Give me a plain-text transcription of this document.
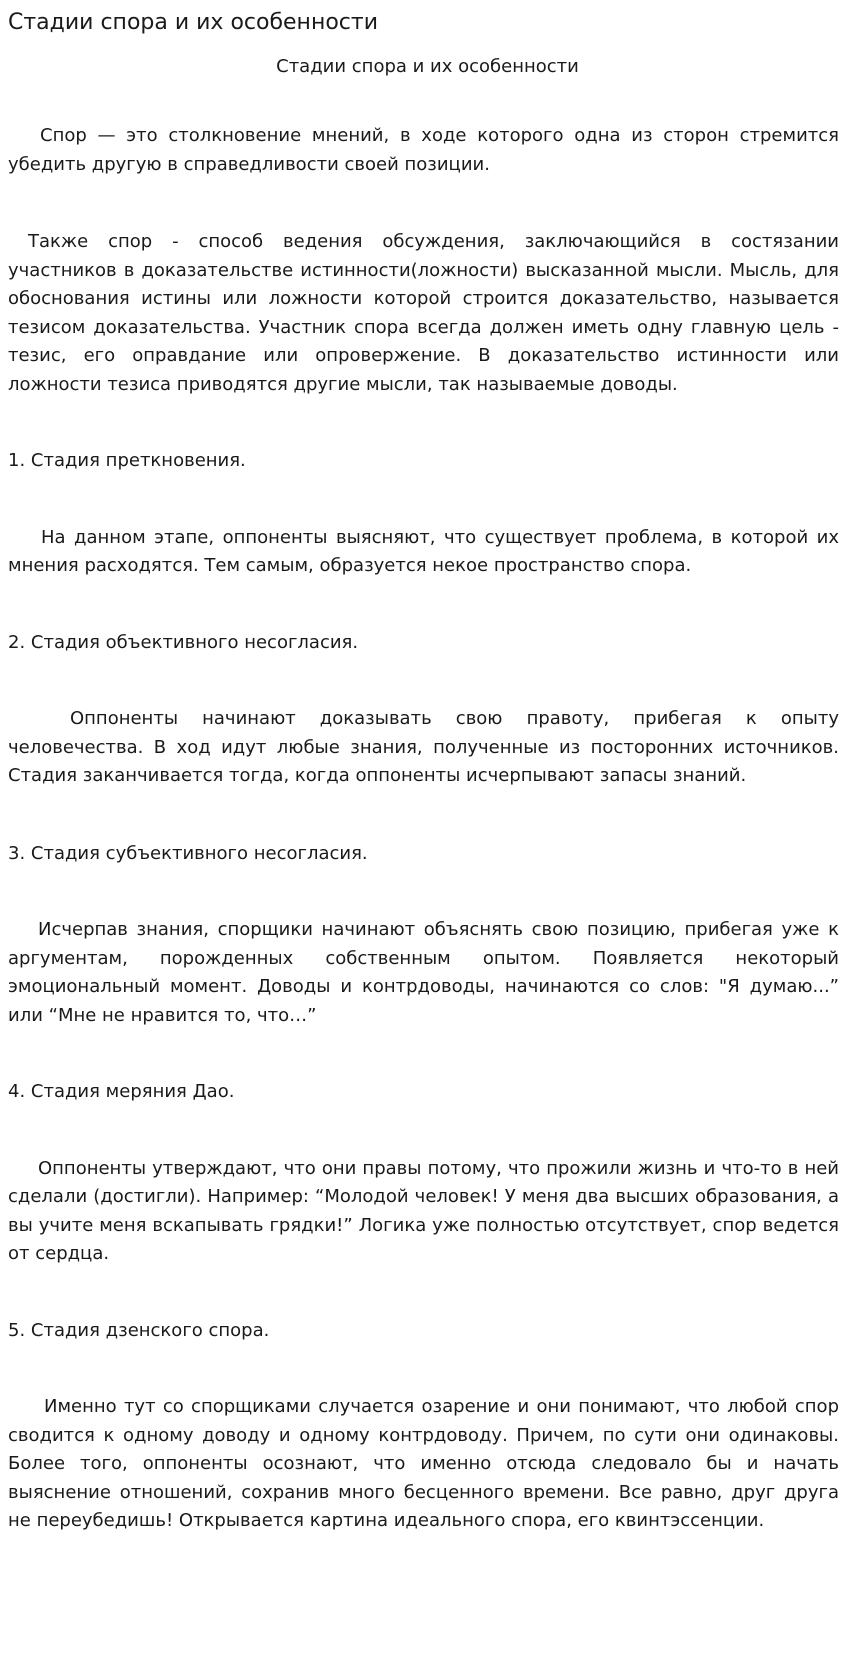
Стадии спора и их особенности
Стадии спора и их особенности

Спор — это столкновение мнений, в ходе которого одна из сторон стремится убедить другую в справедливости своей позиции.

Также спор - способ ведения обсуждения, заключающийся в состязании участников в доказательстве истинности(ложности) высказанной мысли. Мысль, для обоснования истины или ложности которой строится доказательство, называется тезисом доказательства. Участник спора всегда должен иметь одну главную цель - тезис, его оправдание или опровержение. В доказательство истинности или ложности тезиса приводятся другие мысли, так называемые доводы.

1. Стадия преткновения.

На данном этапе, оппоненты выясняют, что существует проблема, в которой их мнения расходятся. Тем самым, образуется некое пространство спора.

2. Стадия объективного несогласия.

Оппоненты начинают доказывать свою правоту, прибегая к опыту человечества. В ход идут любые знания, полученные из посторонних источников. Стадия заканчивается тогда, когда оппоненты исчерпывают запасы знаний.

3. Стадия субъективного несогласия.

Исчерпав знания, спорщики начинают объяснять свою позицию, прибегая уже к аргументам, порожденных собственным опытом. Появляется некоторый эмоциональный момент. Доводы и контрдоводы, начинаются со слов: "Я думаю...” или “Мне не нравится то, что…”

4. Стадия меряния Дао.

Оппоненты утверждают, что они правы потому, что прожили жизнь и что-то в ней сделали (достигли). Например: “Молодой человек! У меня два высших образования, а вы учите меня вскапывать грядки!” Логика уже полностью отсутствует, спор ведется от сердца.

5. Стадия дзенского спора.

Именно тут со спорщиками случается озарение и они понимают, что любой спор сводится к одному доводу и одному контрдоводу. Причем, по сути они одинаковы. Более того, оппоненты осознают, что именно отсюда следовало бы и начать выяснение отношений, сохранив много бесценного времени. Все равно, друг друга не переубедишь! Открывается картина идеального спора, его квинтэссенции.
